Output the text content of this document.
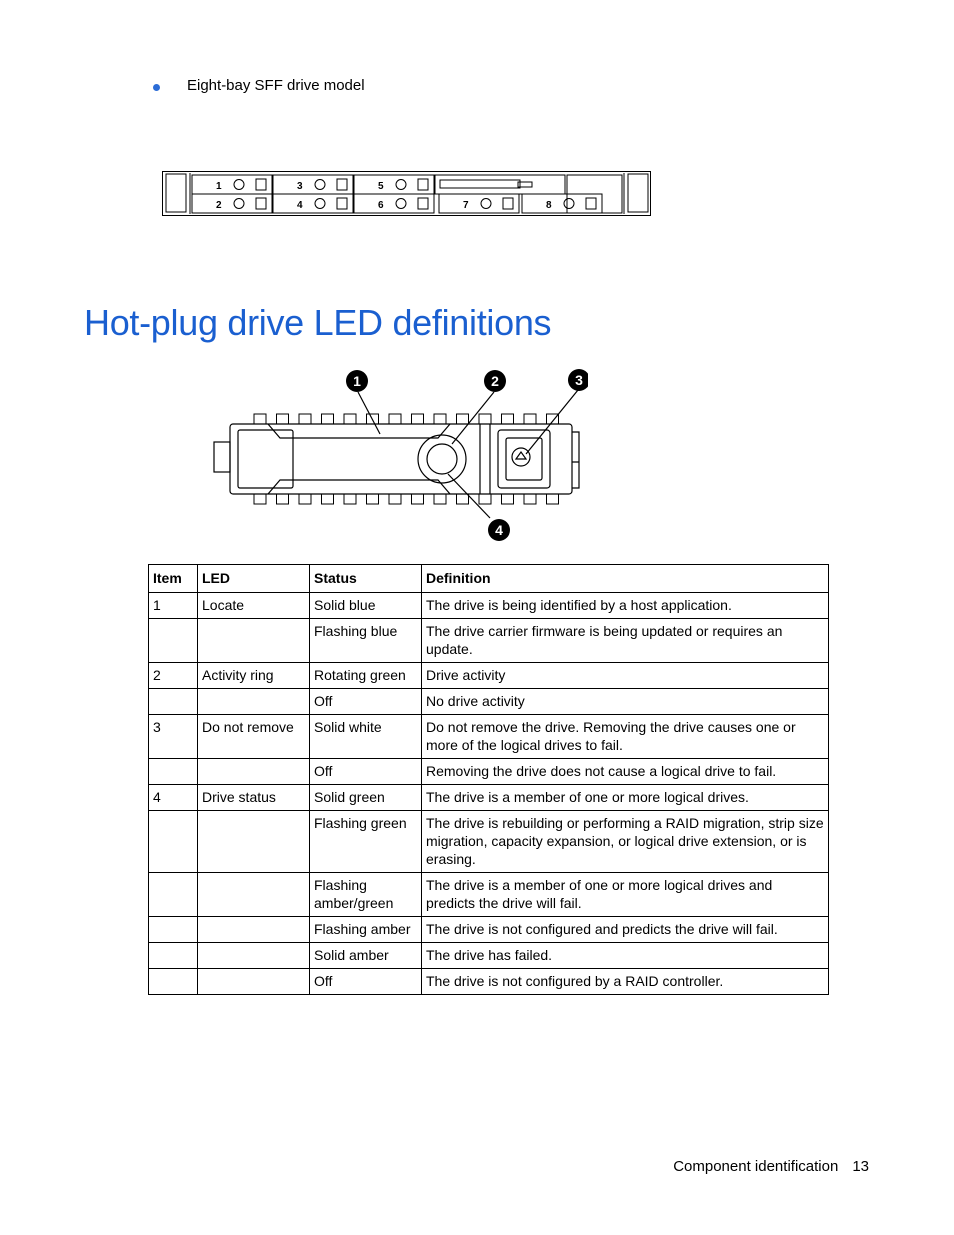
Eight-bay SFF drive model
1
2
3
4
5
6	7	8
Hot-plug drive LED definitions
1	2	3
4
Item	LED	Status	Definition
1	Locate	Solid blue	The drive is being identified by a host application.
		Flashing blue	The drive carrier firmware is being updated or requires an update.
2	Activity ring	Rotating green	Drive activity
		Off	No drive activity
3	Do not remove	Solid white	Do not remove the drive. Removing the drive causes one or more of the logical drives to fail.
		Off	Removing the drive does not cause a logical drive to fail.
4	Drive status	Solid green	The drive is a member of one or more logical drives.
		Flashing green	The drive is rebuilding or performing a RAID migration, strip size migration, capacity expansion, or logical drive extension, or is erasing.
		Flashing amber/green	The drive is a member of one or more logical drives and predicts the drive will fail.
		Flashing amber	The drive is not configured and predicts the drive will fail.
		Solid amber	The drive has failed.
		Off	The drive is not configured by a RAID controller.
Component identification 13
